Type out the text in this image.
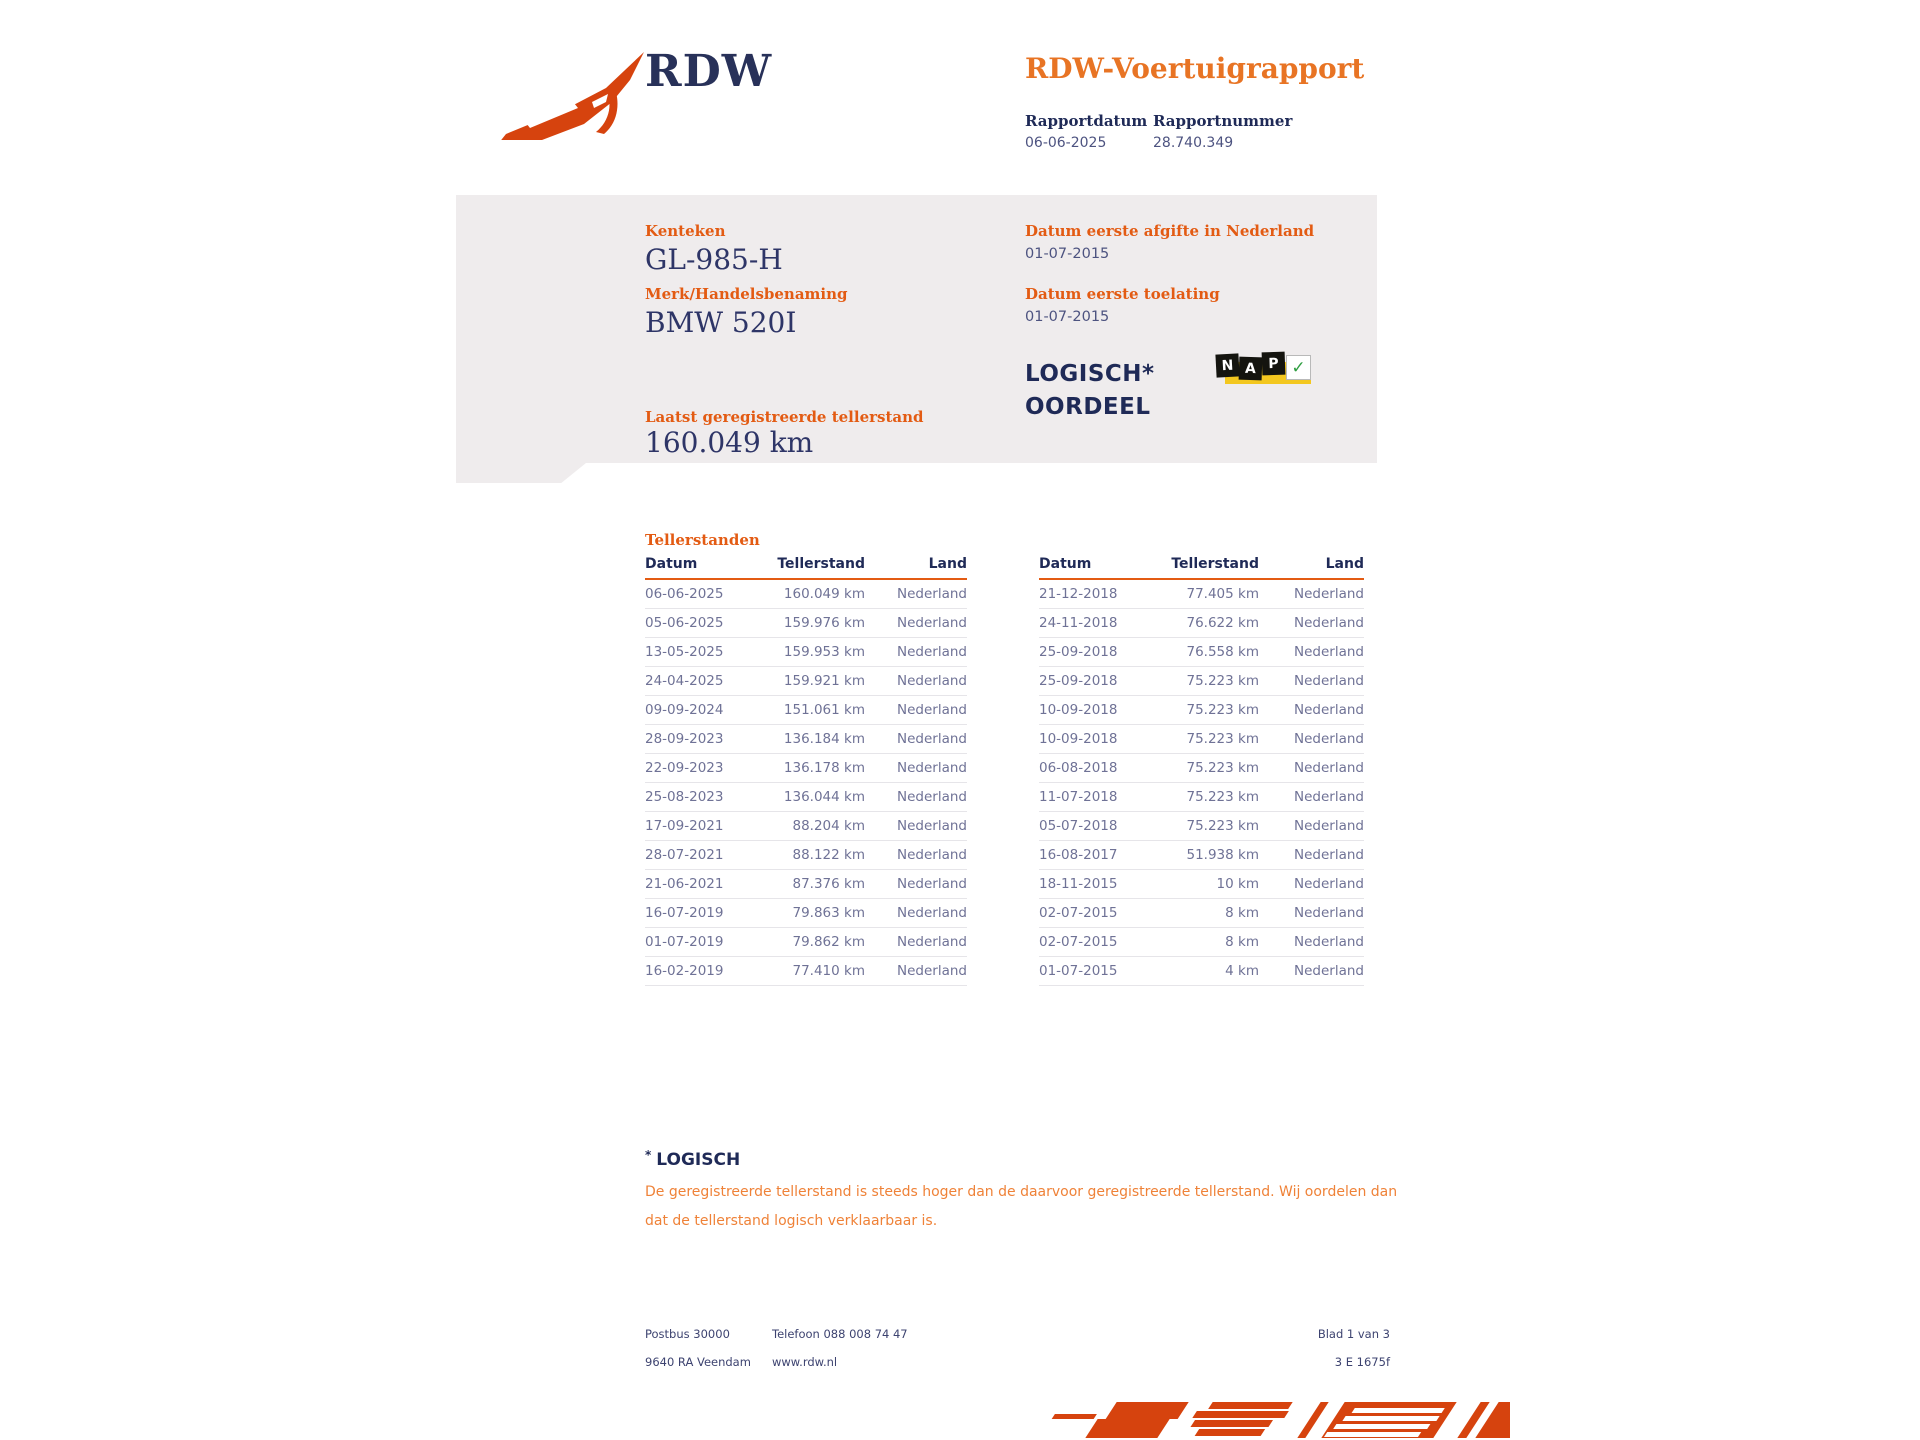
RDW	RDW-Voertuigrapport
Rapportdatum Rapportnummer
06-06-2025	28.740.349
Kenteken
GL-985-H
Merk/Handelsbenaming
BMW 520I
Datum eerste afgifte in Nederland
01-07-2015
Datum eerste toelating
01-07-2015
LOGISCH*
OORDEEL
N A P ✓
Laatst geregistreerde tellerstand
160.049 km
Tellerstanden
Datum	Tellerstand	Land
06-06-2025	160.049 km	Nederland
05-06-2025	159.976 km	Nederland
13-05-2025	159.953 km	Nederland
24-04-2025	159.921 km	Nederland
09-09-2024	151.061 km	Nederland
28-09-2023	136.184 km	Nederland
22-09-2023	136.178 km	Nederland
25-08-2023	136.044 km	Nederland
17-09-2021	88.204 km	Nederland
28-07-2021	88.122 km	Nederland
21-06-2021	87.376 km	Nederland
16-07-2019	79.863 km	Nederland
01-07-2019	79.862 km	Nederland
16-02-2019	77.410 km	Nederland
Datum	Tellerstand	Land
21-12-2018	77.405 km	Nederland
24-11-2018	76.622 km	Nederland
25-09-2018	76.558 km	Nederland
25-09-2018	75.223 km	Nederland
10-09-2018	75.223 km	Nederland
10-09-2018	75.223 km	Nederland
06-08-2018	75.223 km	Nederland
11-07-2018	75.223 km	Nederland
05-07-2018	75.223 km	Nederland
16-08-2017	51.938 km	Nederland
18-11-2015	10 km	Nederland
02-07-2015	8 km	Nederland
02-07-2015	8 km	Nederland
01-07-2015	4 km	Nederland
* LOGISCH
De geregistreerde tellerstand is steeds hoger dan de daarvoor geregistreerde tellerstand. Wij oordelen dan
dat de tellerstand logisch verklaarbaar is.
Postbus 30000
9640 RA Veendam
Telefoon 088 008 74 47
www.rdw.nl
Blad 1 van 3
3 E 1675f
